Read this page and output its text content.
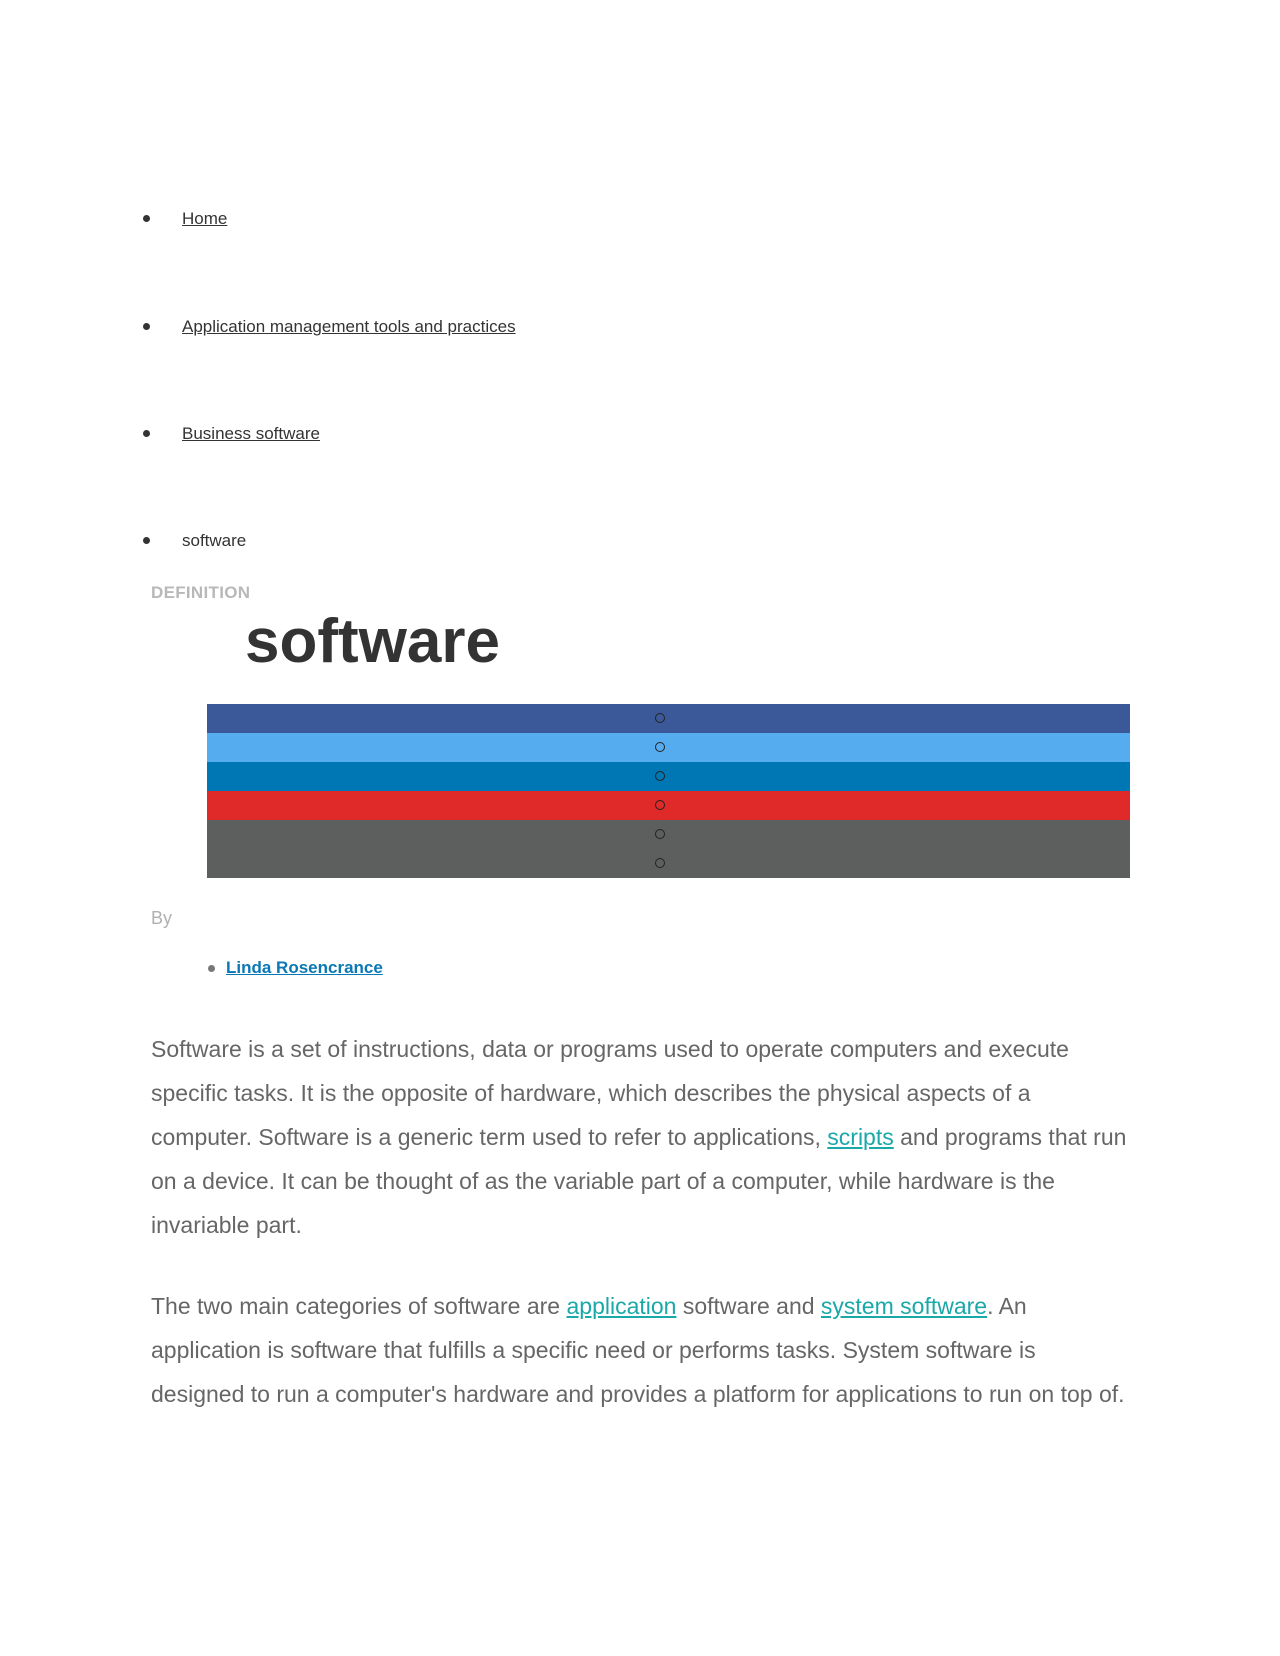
Home
Application management tools and practices
Business software
software
DEFINITION
software
By
Linda Rosencrance

Software is a set of instructions, data or programs used to operate computers and execute specific tasks. It is the opposite of hardware, which describes the physical aspects of a computer. Software is a generic term used to refer to applications, scripts and programs that run on a device. It can be thought of as the variable part of a computer, while hardware is the invariable part.

The two main categories of software are application software and system software. An application is software that fulfills a specific need or performs tasks. System software is designed to run a computer's hardware and provides a platform for applications to run on top of.
